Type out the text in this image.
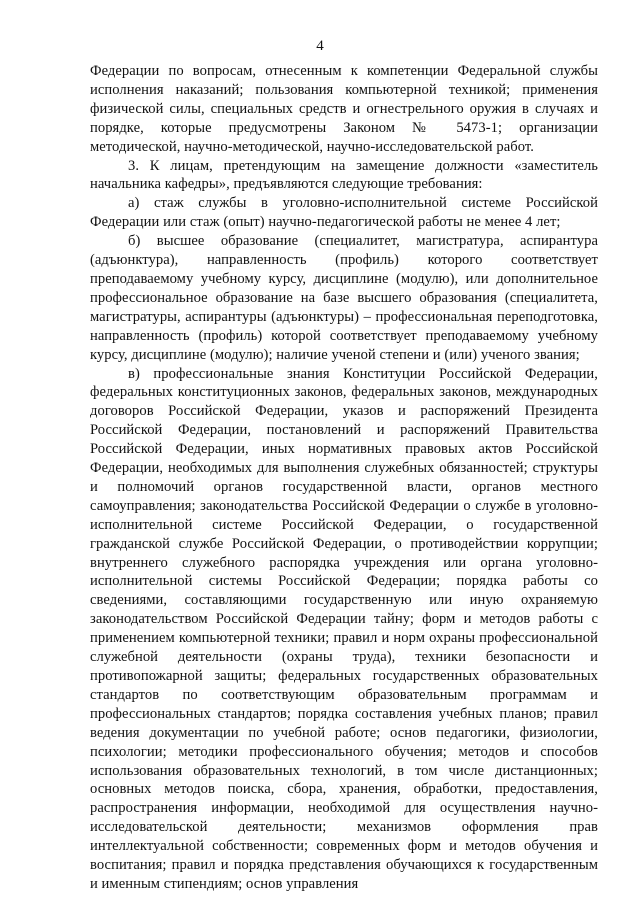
4

Федерации по вопросам, отнесенным к компетенции Федеральной службы исполнения наказаний; пользования компьютерной техникой; применения физической силы, специальных средств и огнестрельного оружия в случаях и порядке, которые предусмотрены Законом № 5473-1; организации методической, научно-методической, научно-исследовательской работ.

3. К лицам, претендующим на замещение должности «заместитель начальника кафедры», предъявляются следующие требования:

а) стаж службы в уголовно-исполнительной системе Российской Федерации или стаж (опыт) научно-педагогической работы не менее 4 лет;

б) высшее образование (специалитет, магистратура, аспирантура (адъюнктура), направленность (профиль) которого соответствует преподаваемому учебному курсу, дисциплине (модулю), или дополнительное профессиональное образование на базе высшего образования (специалитета, магистратуры, аспирантуры (адъюнктуры) – профессиональная переподготовка, направленность (профиль) которой соответствует преподаваемому учебному курсу, дисциплине (модулю); наличие ученой степени и (или) ученого звания;

в) профессиональные знания Конституции Российской Федерации, федеральных конституционных законов, федеральных законов, международных договоров Российской Федерации, указов и распоряжений Президента Российской Федерации, постановлений и распоряжений Правительства Российской Федерации, иных нормативных правовых актов Российской Федерации, необходимых для выполнения служебных обязанностей; структуры и полномочий органов государственной власти, органов местного самоуправления; законодательства Российской Федерации о службе в уголовно-исполнительной системе Российской Федерации, о государственной гражданской службе Российской Федерации, о противодействии коррупции; внутреннего служебного распорядка учреждения или органа уголовно-исполнительной системы Российской Федерации; порядка работы со сведениями, составляющими государственную или иную охраняемую законодательством Российской Федерации тайну; форм и методов работы с применением компьютерной техники; правил и норм охраны профессиональной служебной деятельности (охраны труда), техники безопасности и противопожарной защиты; федеральных государственных образовательных стандартов по соответствующим образовательным программам и профессиональных стандартов; порядка составления учебных планов; правил ведения документации по учебной работе; основ педагогики, физиологии, психологии; методики профессионального обучения; методов и способов использования образовательных технологий, в том числе дистанционных; основных методов поиска, сбора, хранения, обработки, предоставления, распространения информации, необходимой для осуществления научно-исследовательской деятельности; механизмов оформления прав интеллектуальной собственности; современных форм и методов обучения и воспитания; правил и порядка представления обучающихся к государственным и именным стипендиям; основ управления
